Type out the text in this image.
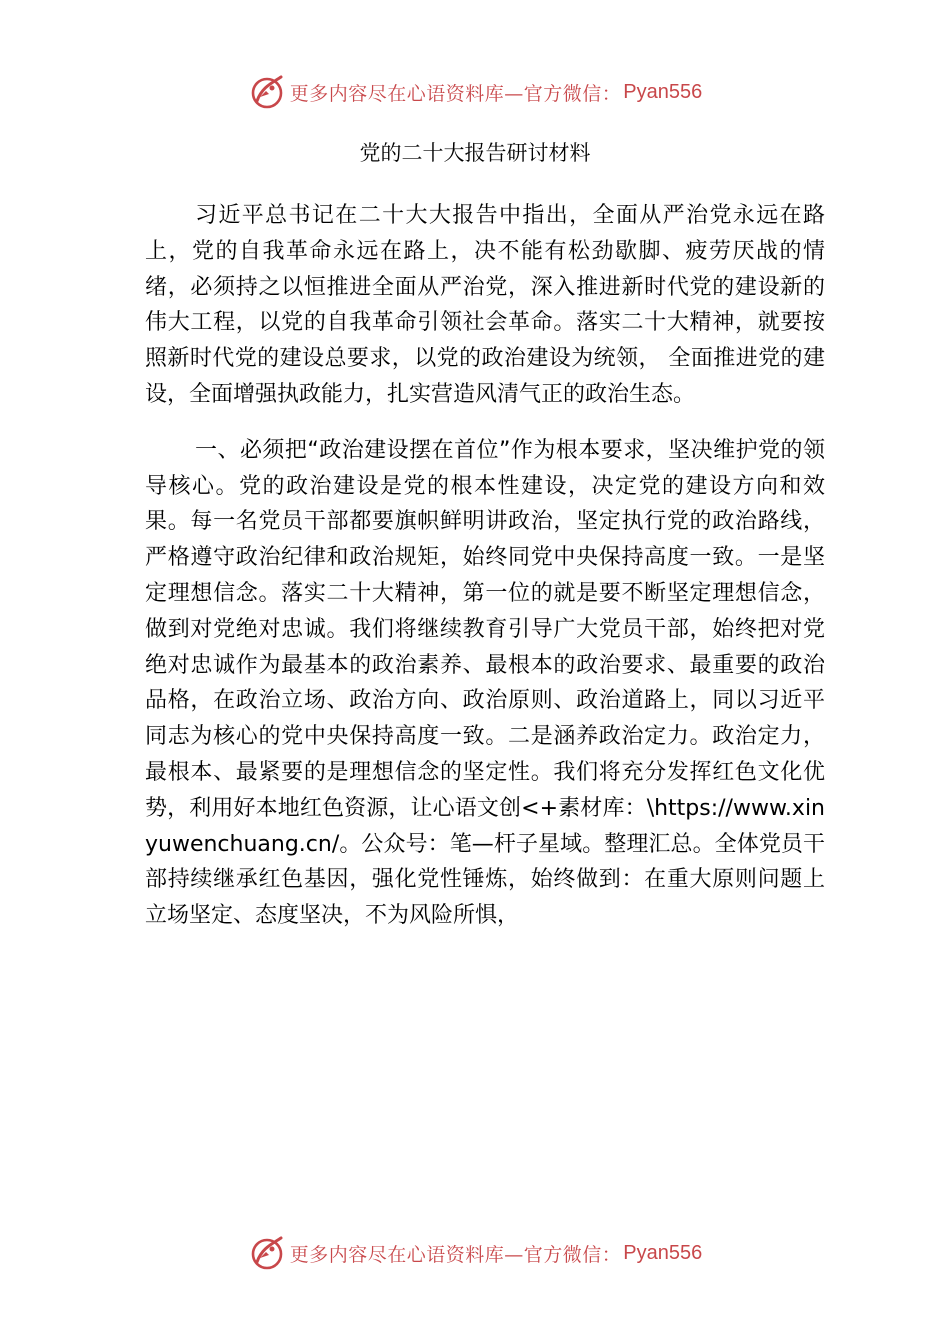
更多内容尽在心语资料库—官方微信： Pyan556
党的二十大报告研讨材料

习近平总书记在二十大大报告中指出，全面从严治党永远在路上，党的自我革命永远在路上，决不能有松劲歇脚、疲劳厌战的情绪，必须持之以恒推进全面从严治党，深入推进新时代党的建设新的伟大工程，以党的自我革命引领社会革命。落实二十大精神，就要按照新时代党的建设总要求，以党的政治建设为统领， 全面推进党的建设，全面增强执政能力，扎实营造风清气正的政治生态。

一、必须把“政治建设摆在首位”作为根本要求，坚决维护党的领导核心。党的政治建设是党的根本性建设，决定党的建设方向和效果。每一名党员干部都要旗帜鲜明讲政治，坚定执行党的政治路线，严格遵守政治纪律和政治规矩，始终同党中央保持高度一致。一是坚定理想信念。落实二十大精神，第一位的就是要不断坚定理想信念，做到对党绝对忠诚。我们将继续教育引导广大党员干部，始终把对党绝对忠诚作为最基本的政治素养、最根本的政治要求、最重要的政治品格，在政治立场、政治方向、政治原则、政治道路上，同以习近平同志为核心的党中央保持高度一致。二是涵养政治定力。政治定力，最根本、最紧要的是理想信念的坚定性。我们将充分发挥红色文化优势，利用好本地红色资源，让心语文创<+素材库：\https://www.xinyuwenchuang.cn/。公众号：笔—杆子星域。整理汇总。全体党员干部持续继承红色基因，强化党性锤炼，始终做到：在重大原则问题上立场坚定、态度坚决，不为风险所惧，

更多内容尽在心语资料库—官方微信： Pyan556
